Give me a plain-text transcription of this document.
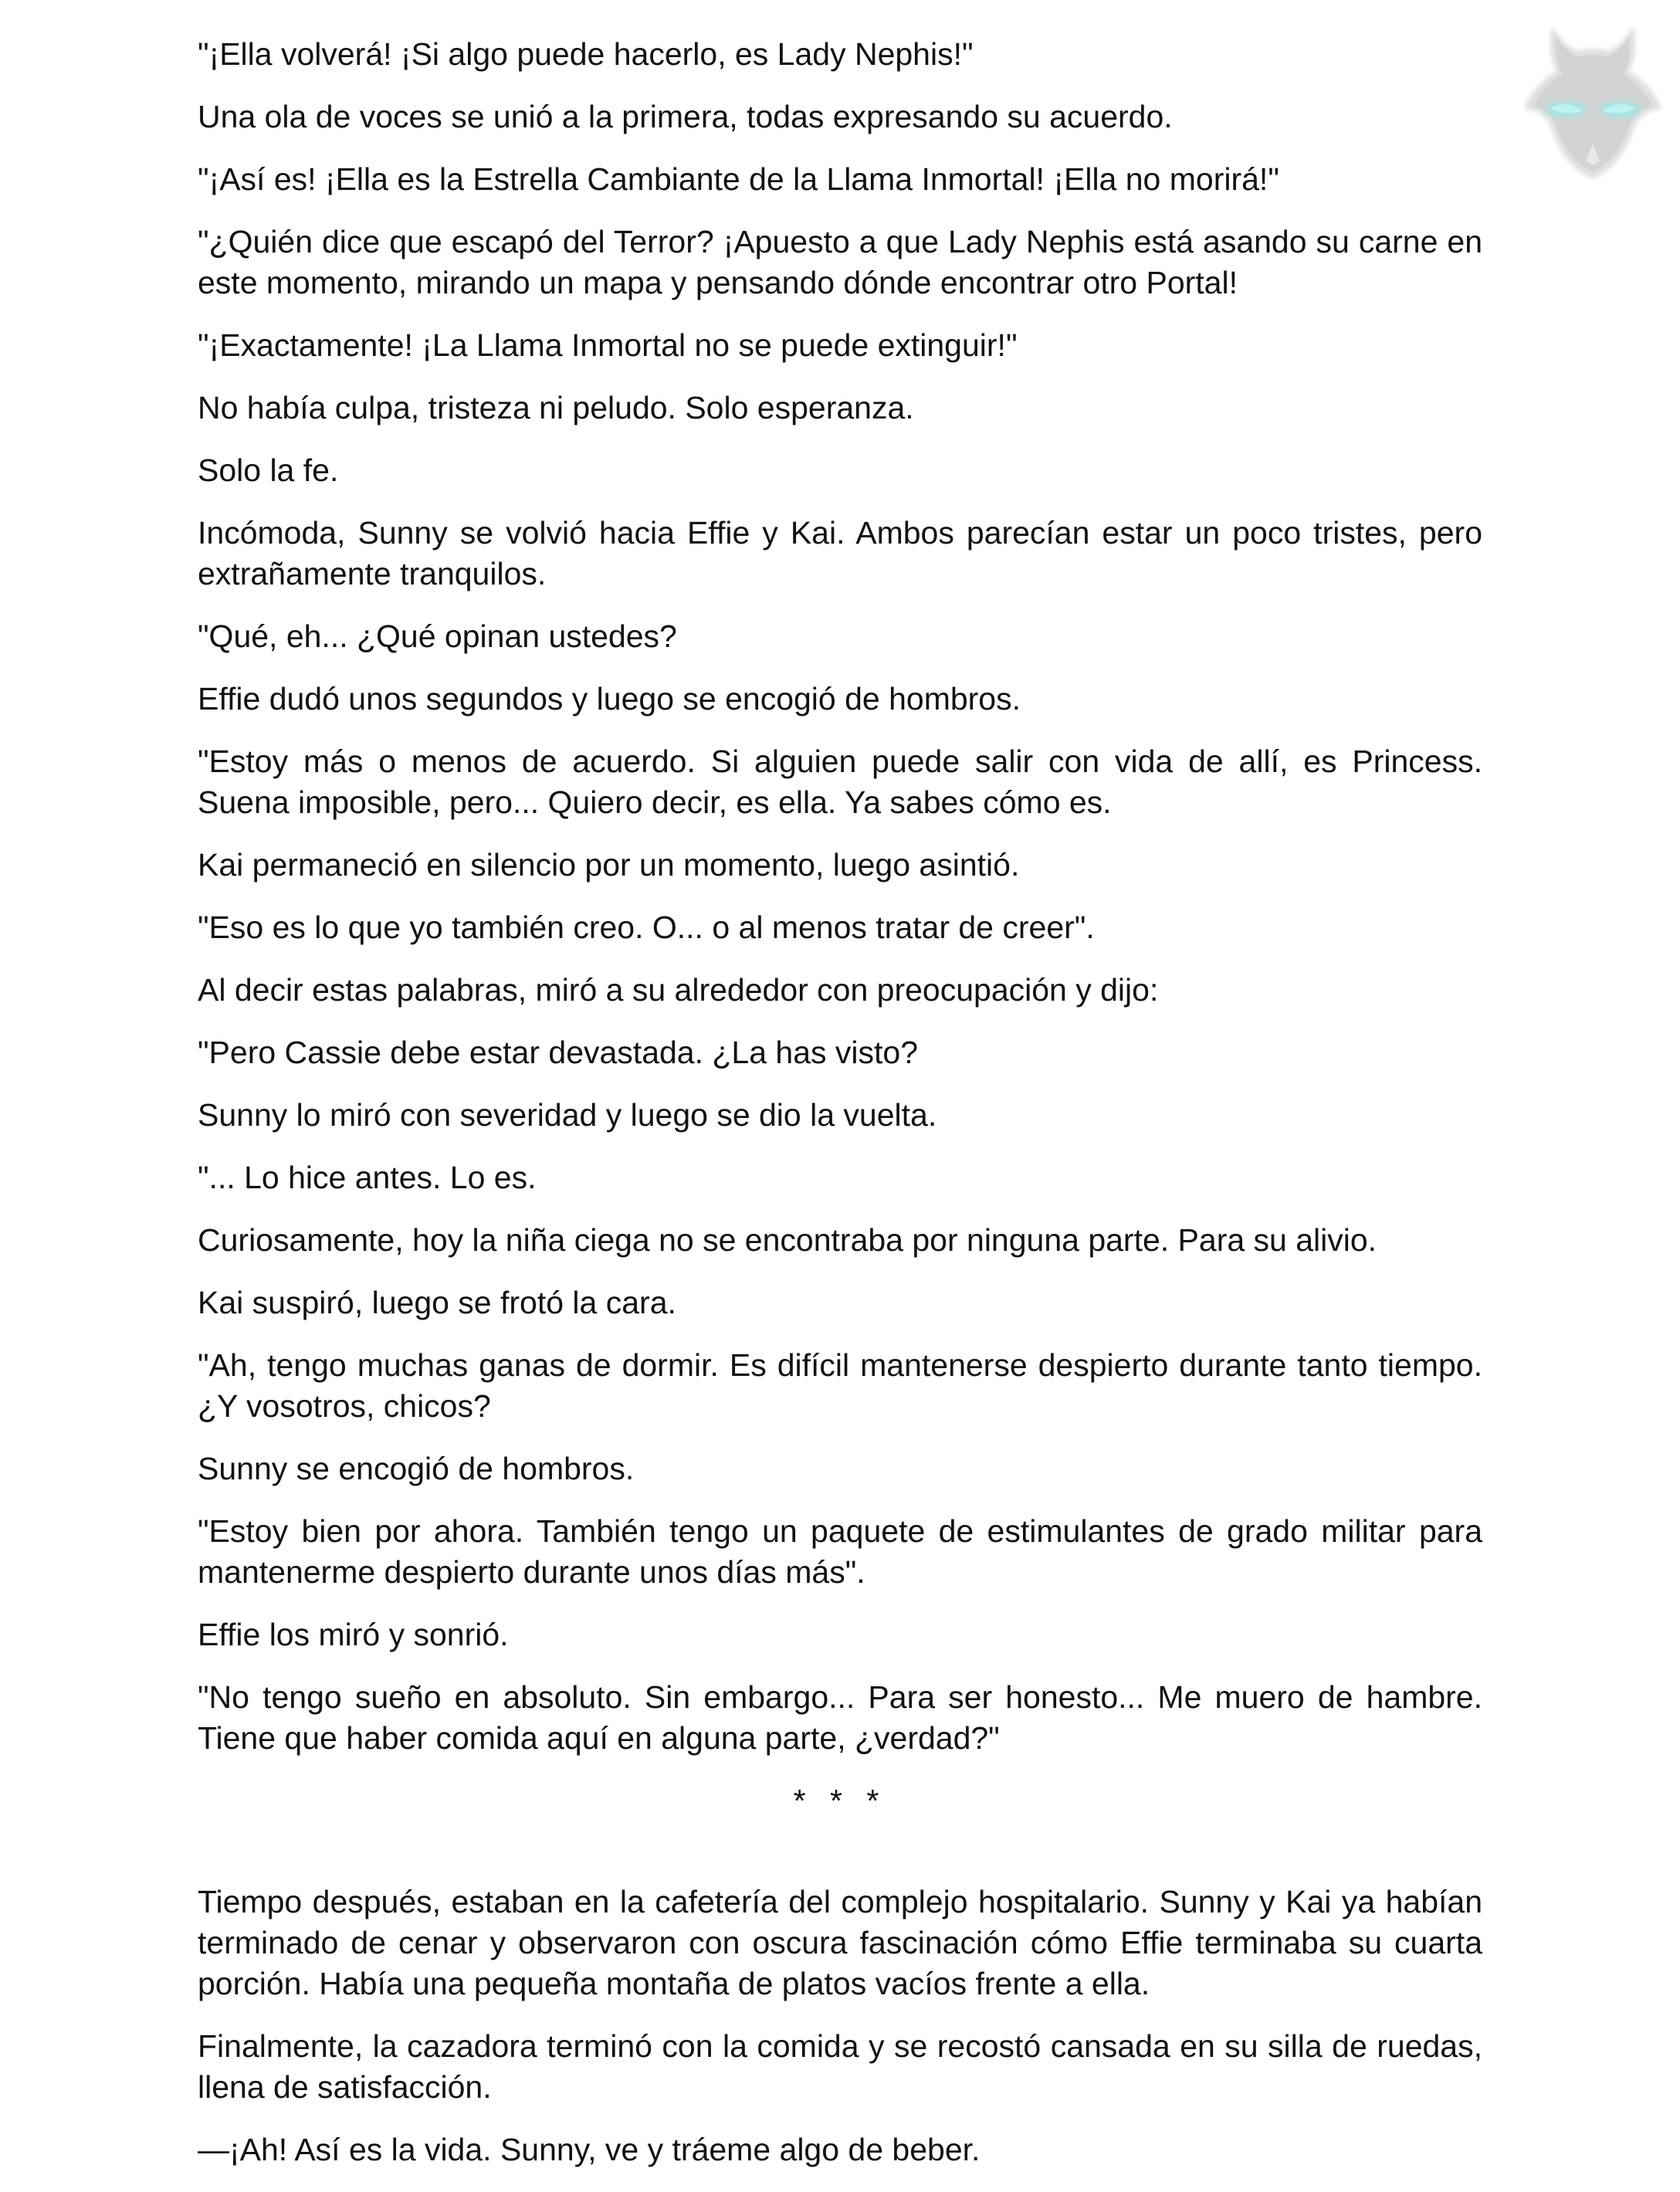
"¡Ella volverá! ¡Si algo puede hacerlo, es Lady Nephis!"

Una ola de voces se unió a la primera, todas expresando su acuerdo.

"¡Así es! ¡Ella es la Estrella Cambiante de la Llama Inmortal! ¡Ella no morirá!"

"¿Quién dice que escapó del Terror? ¡Apuesto a que Lady Nephis está asando su carne en este momento, mirando un mapa y pensando dónde encontrar otro Portal!

"¡Exactamente! ¡La Llama Inmortal no se puede extinguir!"

No había culpa, tristeza ni peludo. Solo esperanza.

Solo la fe.

Incómoda, Sunny se volvió hacia Effie y Kai. Ambos parecían estar un poco tristes, pero extrañamente tranquilos.

"Qué, eh... ¿Qué opinan ustedes?

Effie dudó unos segundos y luego se encogió de hombros.

"Estoy más o menos de acuerdo. Si alguien puede salir con vida de allí, es Princess. Suena imposible, pero... Quiero decir, es ella. Ya sabes cómo es.

Kai permaneció en silencio por un momento, luego asintió.

"Eso es lo que yo también creo. O... o al menos tratar de creer".

Al decir estas palabras, miró a su alrededor con preocupación y dijo:

"Pero Cassie debe estar devastada. ¿La has visto?

Sunny lo miró con severidad y luego se dio la vuelta.

"... Lo hice antes. Lo es.

Curiosamente, hoy la niña ciega no se encontraba por ninguna parte. Para su alivio.

Kai suspiró, luego se frotó la cara.

"Ah, tengo muchas ganas de dormir. Es difícil mantenerse despierto durante tanto tiempo. ¿Y vosotros, chicos?

Sunny se encogió de hombros.

"Estoy bien por ahora. También tengo un paquete de estimulantes de grado militar para mantenerme despierto durante unos días más".

Effie los miró y sonrió.

"No tengo sueño en absoluto. Sin embargo... Para ser honesto... Me muero de hambre. Tiene que haber comida aquí en alguna parte, ¿verdad?"

* * *

Tiempo después, estaban en la cafetería del complejo hospitalario. Sunny y Kai ya habían terminado de cenar y observaron con oscura fascinación cómo Effie terminaba su cuarta porción. Había una pequeña montaña de platos vacíos frente a ella.

Finalmente, la cazadora terminó con la comida y se recostó cansada en su silla de ruedas, llena de satisfacción.

—¡Ah! Así es la vida. Sunny, ve y tráeme algo de beber.
